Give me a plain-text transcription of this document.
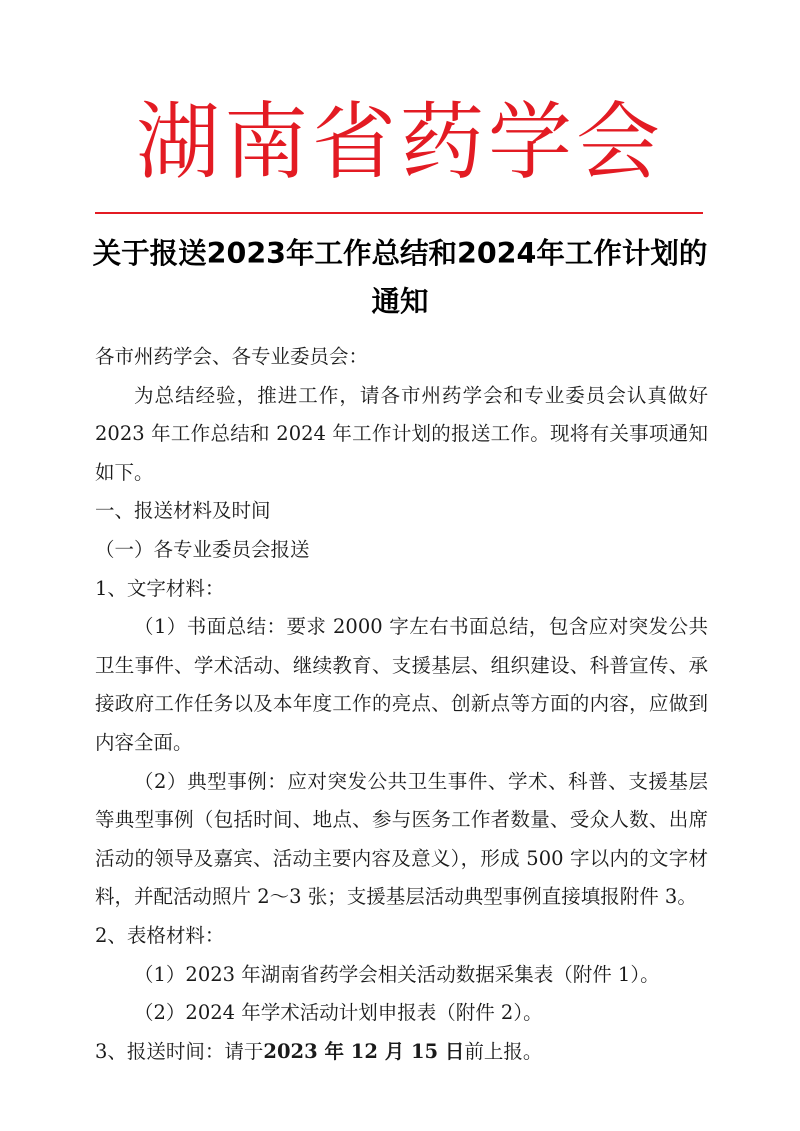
湖南省药学会
关于报送2023年工作总结和2024年工作计划的通知

各市州药学会、各专业委员会：

为总结经验，推进工作，请各市州药学会和专业委员会认真做好 2023 年工作总结和 2024 年工作计划的报送工作。现将有关事项通知如下。

一、报送材料及时间

（一）各专业委员会报送

1、文字材料：

（1）书面总结：要求 2000 字左右书面总结，包含应对突发公共卫生事件、学术活动、继续教育、支援基层、组织建设、科普宣传、承接政府工作任务以及本年度工作的亮点、创新点等方面的内容，应做到内容全面。

（2）典型事例：应对突发公共卫生事件、学术、科普、支援基层等典型事例（包括时间、地点、参与医务工作者数量、受众人数、出席活动的领导及嘉宾、活动主要内容及意义），形成 500 字以内的文字材料，并配活动照片 2～3 张；支援基层活动典型事例直接填报附件 3。

2、表格材料：

（1）2023 年湖南省药学会相关活动数据采集表（附件 1）。

（2）2024 年学术活动计划申报表（附件 2）。

3、报送时间：请于2023 年 12 月 15 日前上报。
